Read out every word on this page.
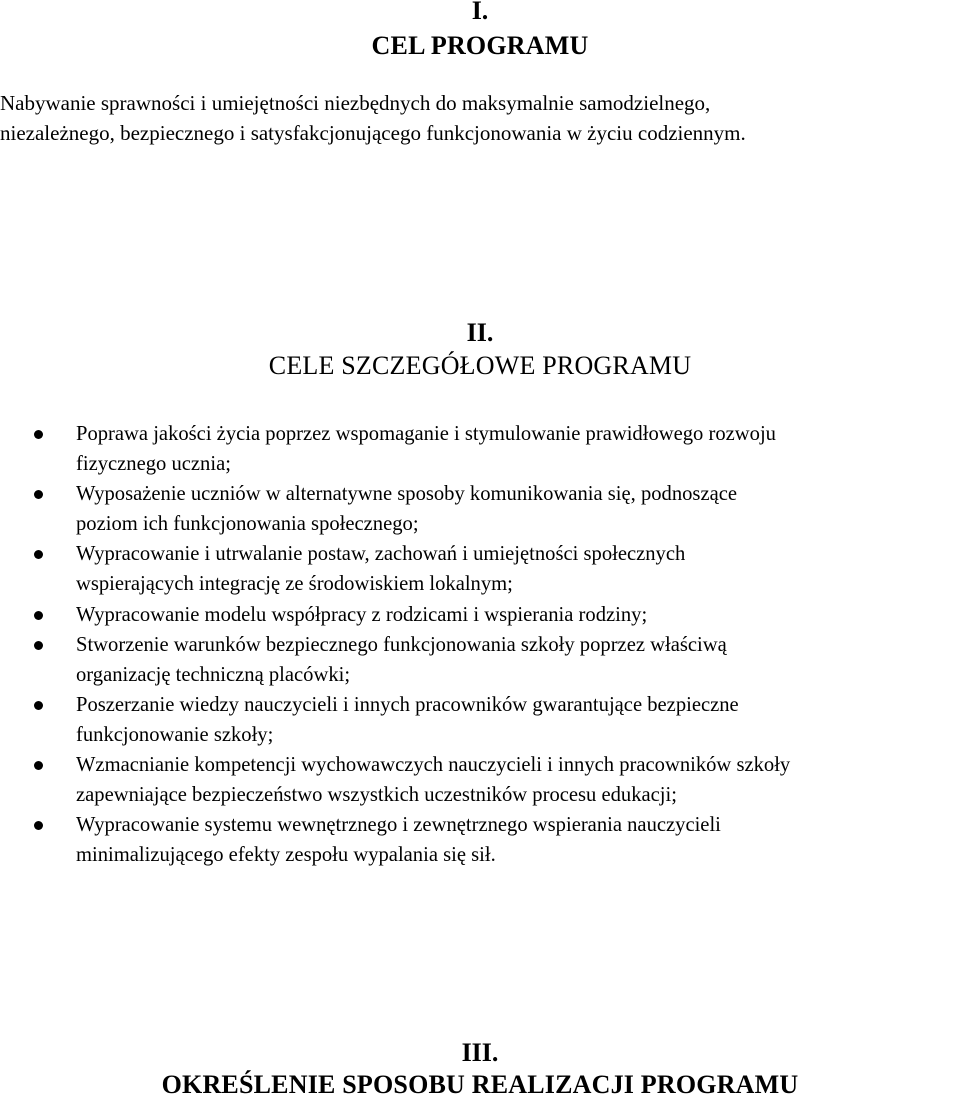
I.
CEL PROGRAMU
Nabywanie sprawności i umiejętności niezbędnych do maksymalnie samodzielnego,
niezależnego, bezpiecznego i satysfakcjonującego funkcjonowania w życiu codziennym.
II.
CELE SZCZEGÓŁOWE PROGRAMU
Poprawa jakości życia poprzez wspomaganie i stymulowanie prawidłowego rozwoju
fizycznego ucznia;
Wyposażenie uczniów w alternatywne sposoby komunikowania się, podnoszące
poziom ich funkcjonowania społecznego;
Wypracowanie i utrwalanie postaw, zachowań i umiejętności społecznych
wspierających integrację ze środowiskiem lokalnym;
Wypracowanie modelu współpracy z rodzicami i wspierania rodziny;
Stworzenie warunków bezpiecznego funkcjonowania szkoły poprzez właściwą
organizację techniczną placówki;
Poszerzanie wiedzy nauczycieli i innych pracowników gwarantujące bezpieczne
funkcjonowanie szkoły;
Wzmacnianie kompetencji wychowawczych nauczycieli i innych pracowników szkoły
zapewniające bezpieczeństwo wszystkich uczestników procesu edukacji;
Wypracowanie systemu wewnętrznego i zewnętrznego wspierania nauczycieli
minimalizującego efekty zespołu wypalania się sił.
III.
OKREŚLENIE SPOSOBU REALIZACJI PROGRAMU
